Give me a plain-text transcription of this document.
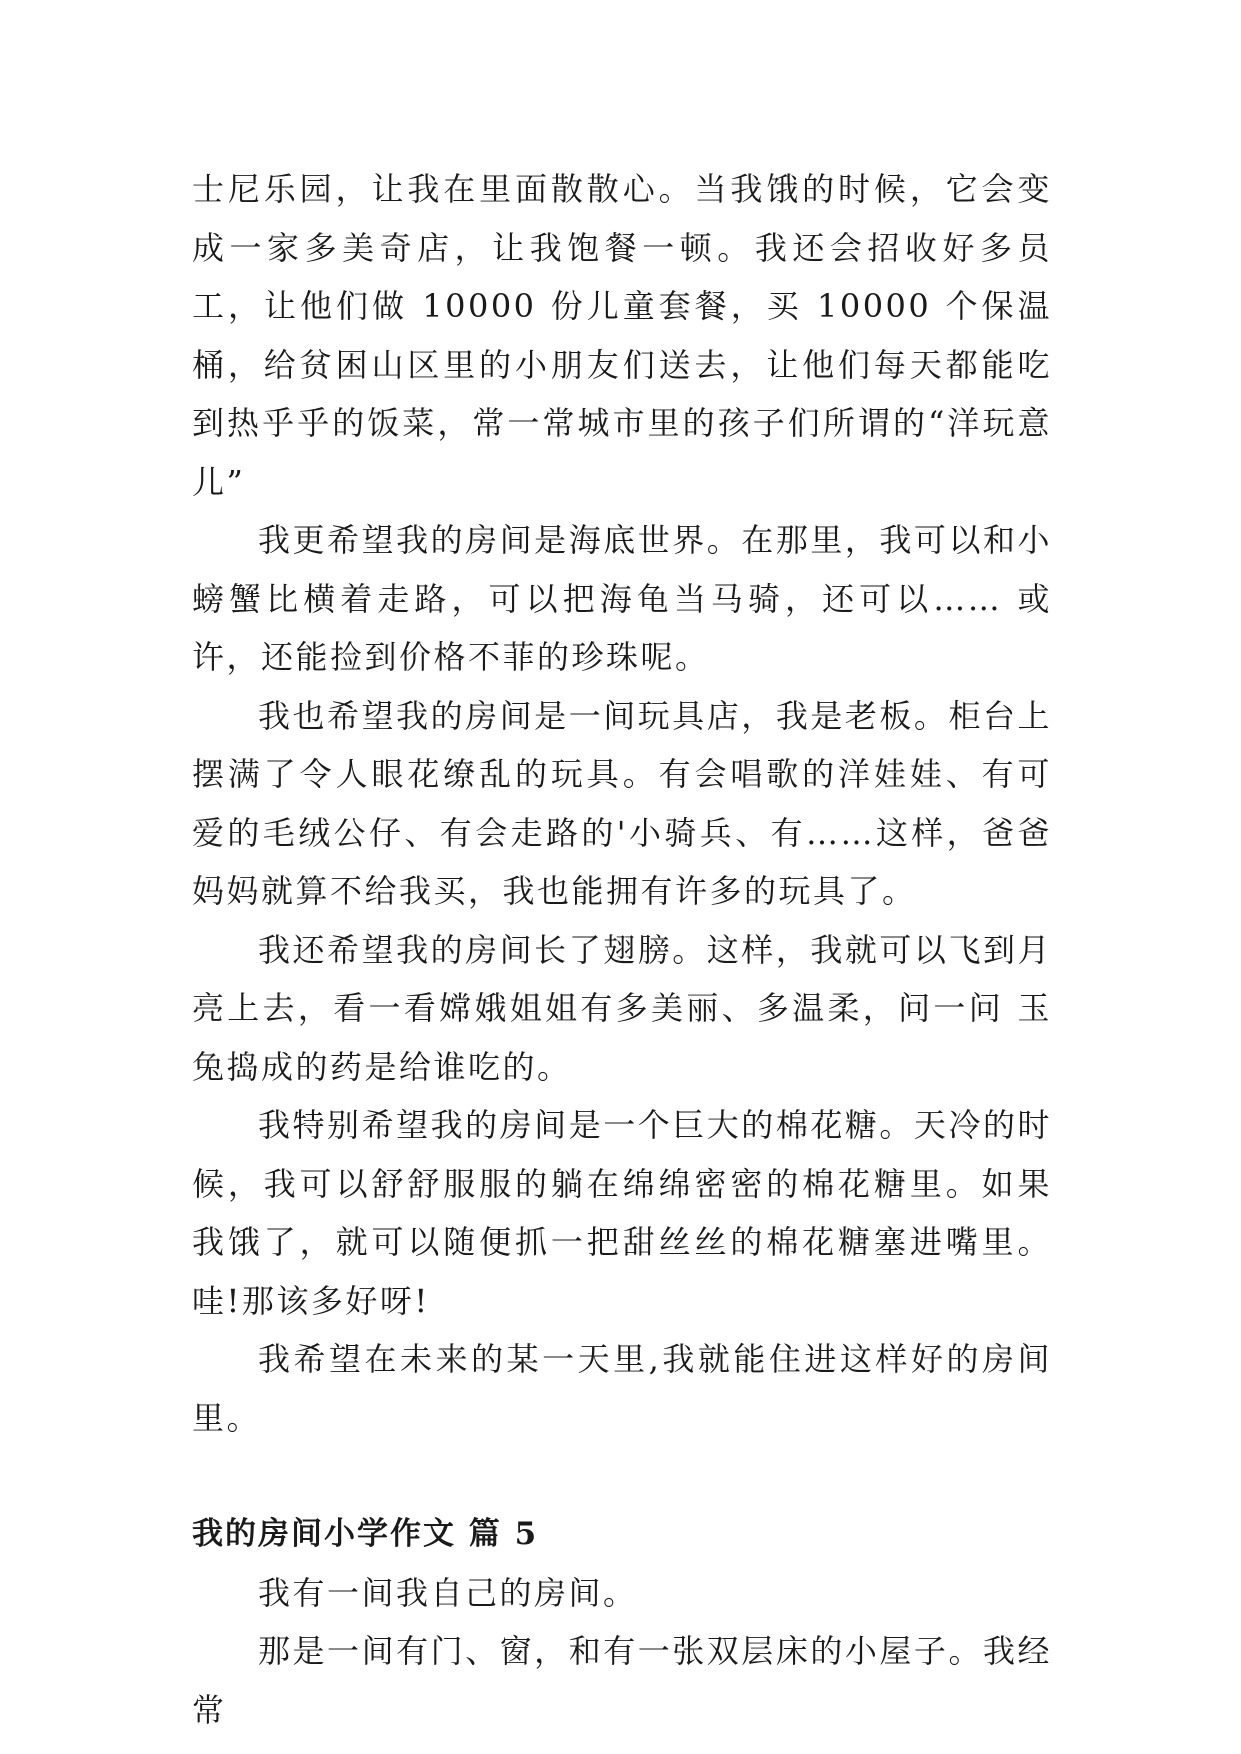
士尼乐园，让我在里面散散心。当我饿的时候，它会变成一家多美奇店，让我饱餐一顿。我还会招收好多员工，让他们做 10000 份儿童套餐，买 10000 个保温桶，给贫困山区里的小朋友们送去，让他们每天都能吃到热乎乎的饭菜，常一常城市里的孩子们所谓的“洋玩意儿”

我更希望我的房间是海底世界。在那里，我可以和小螃蟹比横着走路，可以把海龟当马骑，还可以…… 或许，还能捡到价格不菲的珍珠呢。

我也希望我的房间是一间玩具店，我是老板。柜台上摆满了令人眼花缭乱的玩具。有会唱歌的洋娃娃、有可爱的毛绒公仔、有会走路的'小骑兵、有……这样，爸爸妈妈就算不给我买，我也能拥有许多的玩具了。

我还希望我的房间长了翅膀。这样，我就可以飞到月亮上去，看一看嫦娥姐姐有多美丽、多温柔，问一问 玉兔捣成的药是给谁吃的。

我特别希望我的房间是一个巨大的棉花糖。天冷的时候，我可以舒舒服服的躺在绵绵密密的棉花糖里。如果我饿了，就可以随便抓一把甜丝丝的棉花糖塞进嘴里。哇!那该多好呀!

我希望在未来的某一天里,我就能住进这样好的房间里。

我的房间小学作文 篇 5

我有一间我自己的房间。

那是一间有门、窗，和有一张双层床的小屋子。我经常
